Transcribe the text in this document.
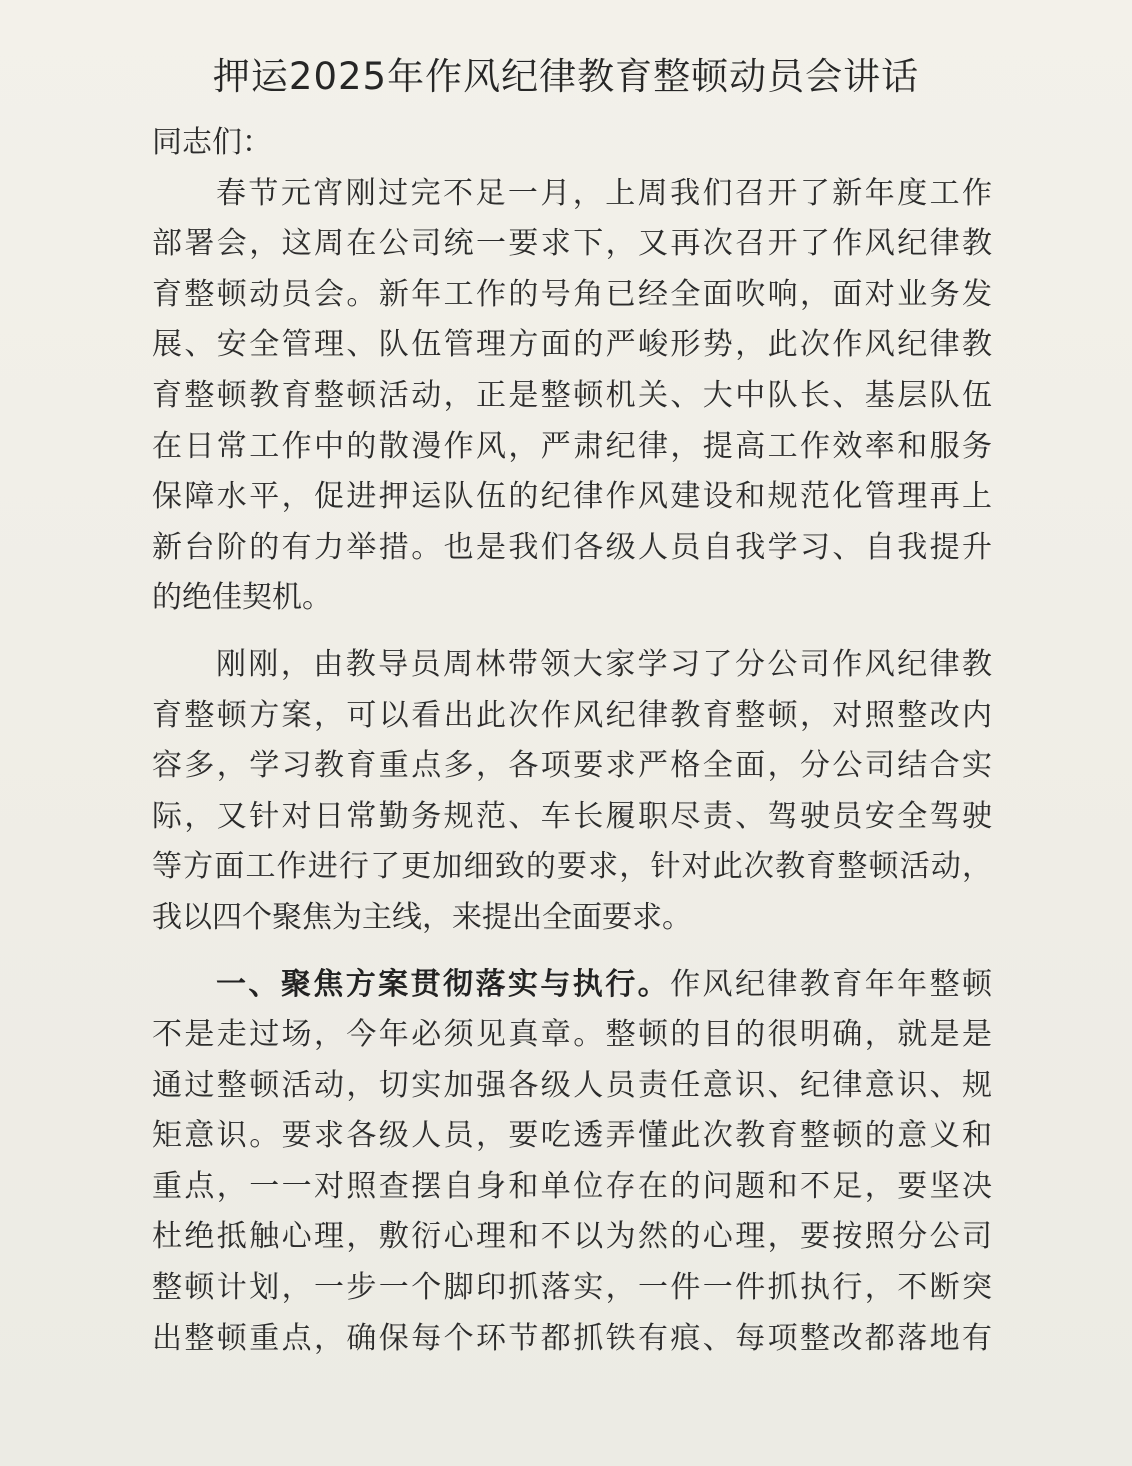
押运2025年作风纪律教育整顿动员会讲话
同志们：
春节元宵刚过完不足一月，上周我们召开了新年度工作
部署会，这周在公司统一要求下，又再次召开了作风纪律教
育整顿动员会。新年工作的号角已经全面吹响，面对业务发
展、安全管理、队伍管理方面的严峻形势，此次作风纪律教
育整顿教育整顿活动，正是整顿机关、大中队长、基层队伍
在日常工作中的散漫作风，严肃纪律，提高工作效率和服务
保障水平，促进押运队伍的纪律作风建设和规范化管理再上
新台阶的有力举措。也是我们各级人员自我学习、自我提升
的绝佳契机。
刚刚，由教导员周林带领大家学习了分公司作风纪律教
育整顿方案，可以看出此次作风纪律教育整顿，对照整改内
容多，学习教育重点多，各项要求严格全面，分公司结合实
际，又针对日常勤务规范、车长履职尽责、驾驶员安全驾驶
等方面工作进行了更加细致的要求，针对此次教育整顿活动，
我以四个聚焦为主线，来提出全面要求。
一、聚焦方案贯彻落实与执行。作风纪律教育年年整顿
不是走过场，今年必须见真章。整顿的目的很明确，就是是
通过整顿活动，切实加强各级人员责任意识、纪律意识、规
矩意识。要求各级人员，要吃透弄懂此次教育整顿的意义和
重点，一一对照查摆自身和单位存在的问题和不足，要坚决
杜绝抵触心理，敷衍心理和不以为然的心理，要按照分公司
整顿计划，一步一个脚印抓落实，一件一件抓执行，不断突
出整顿重点，确保每个环节都抓铁有痕、每项整改都落地有
